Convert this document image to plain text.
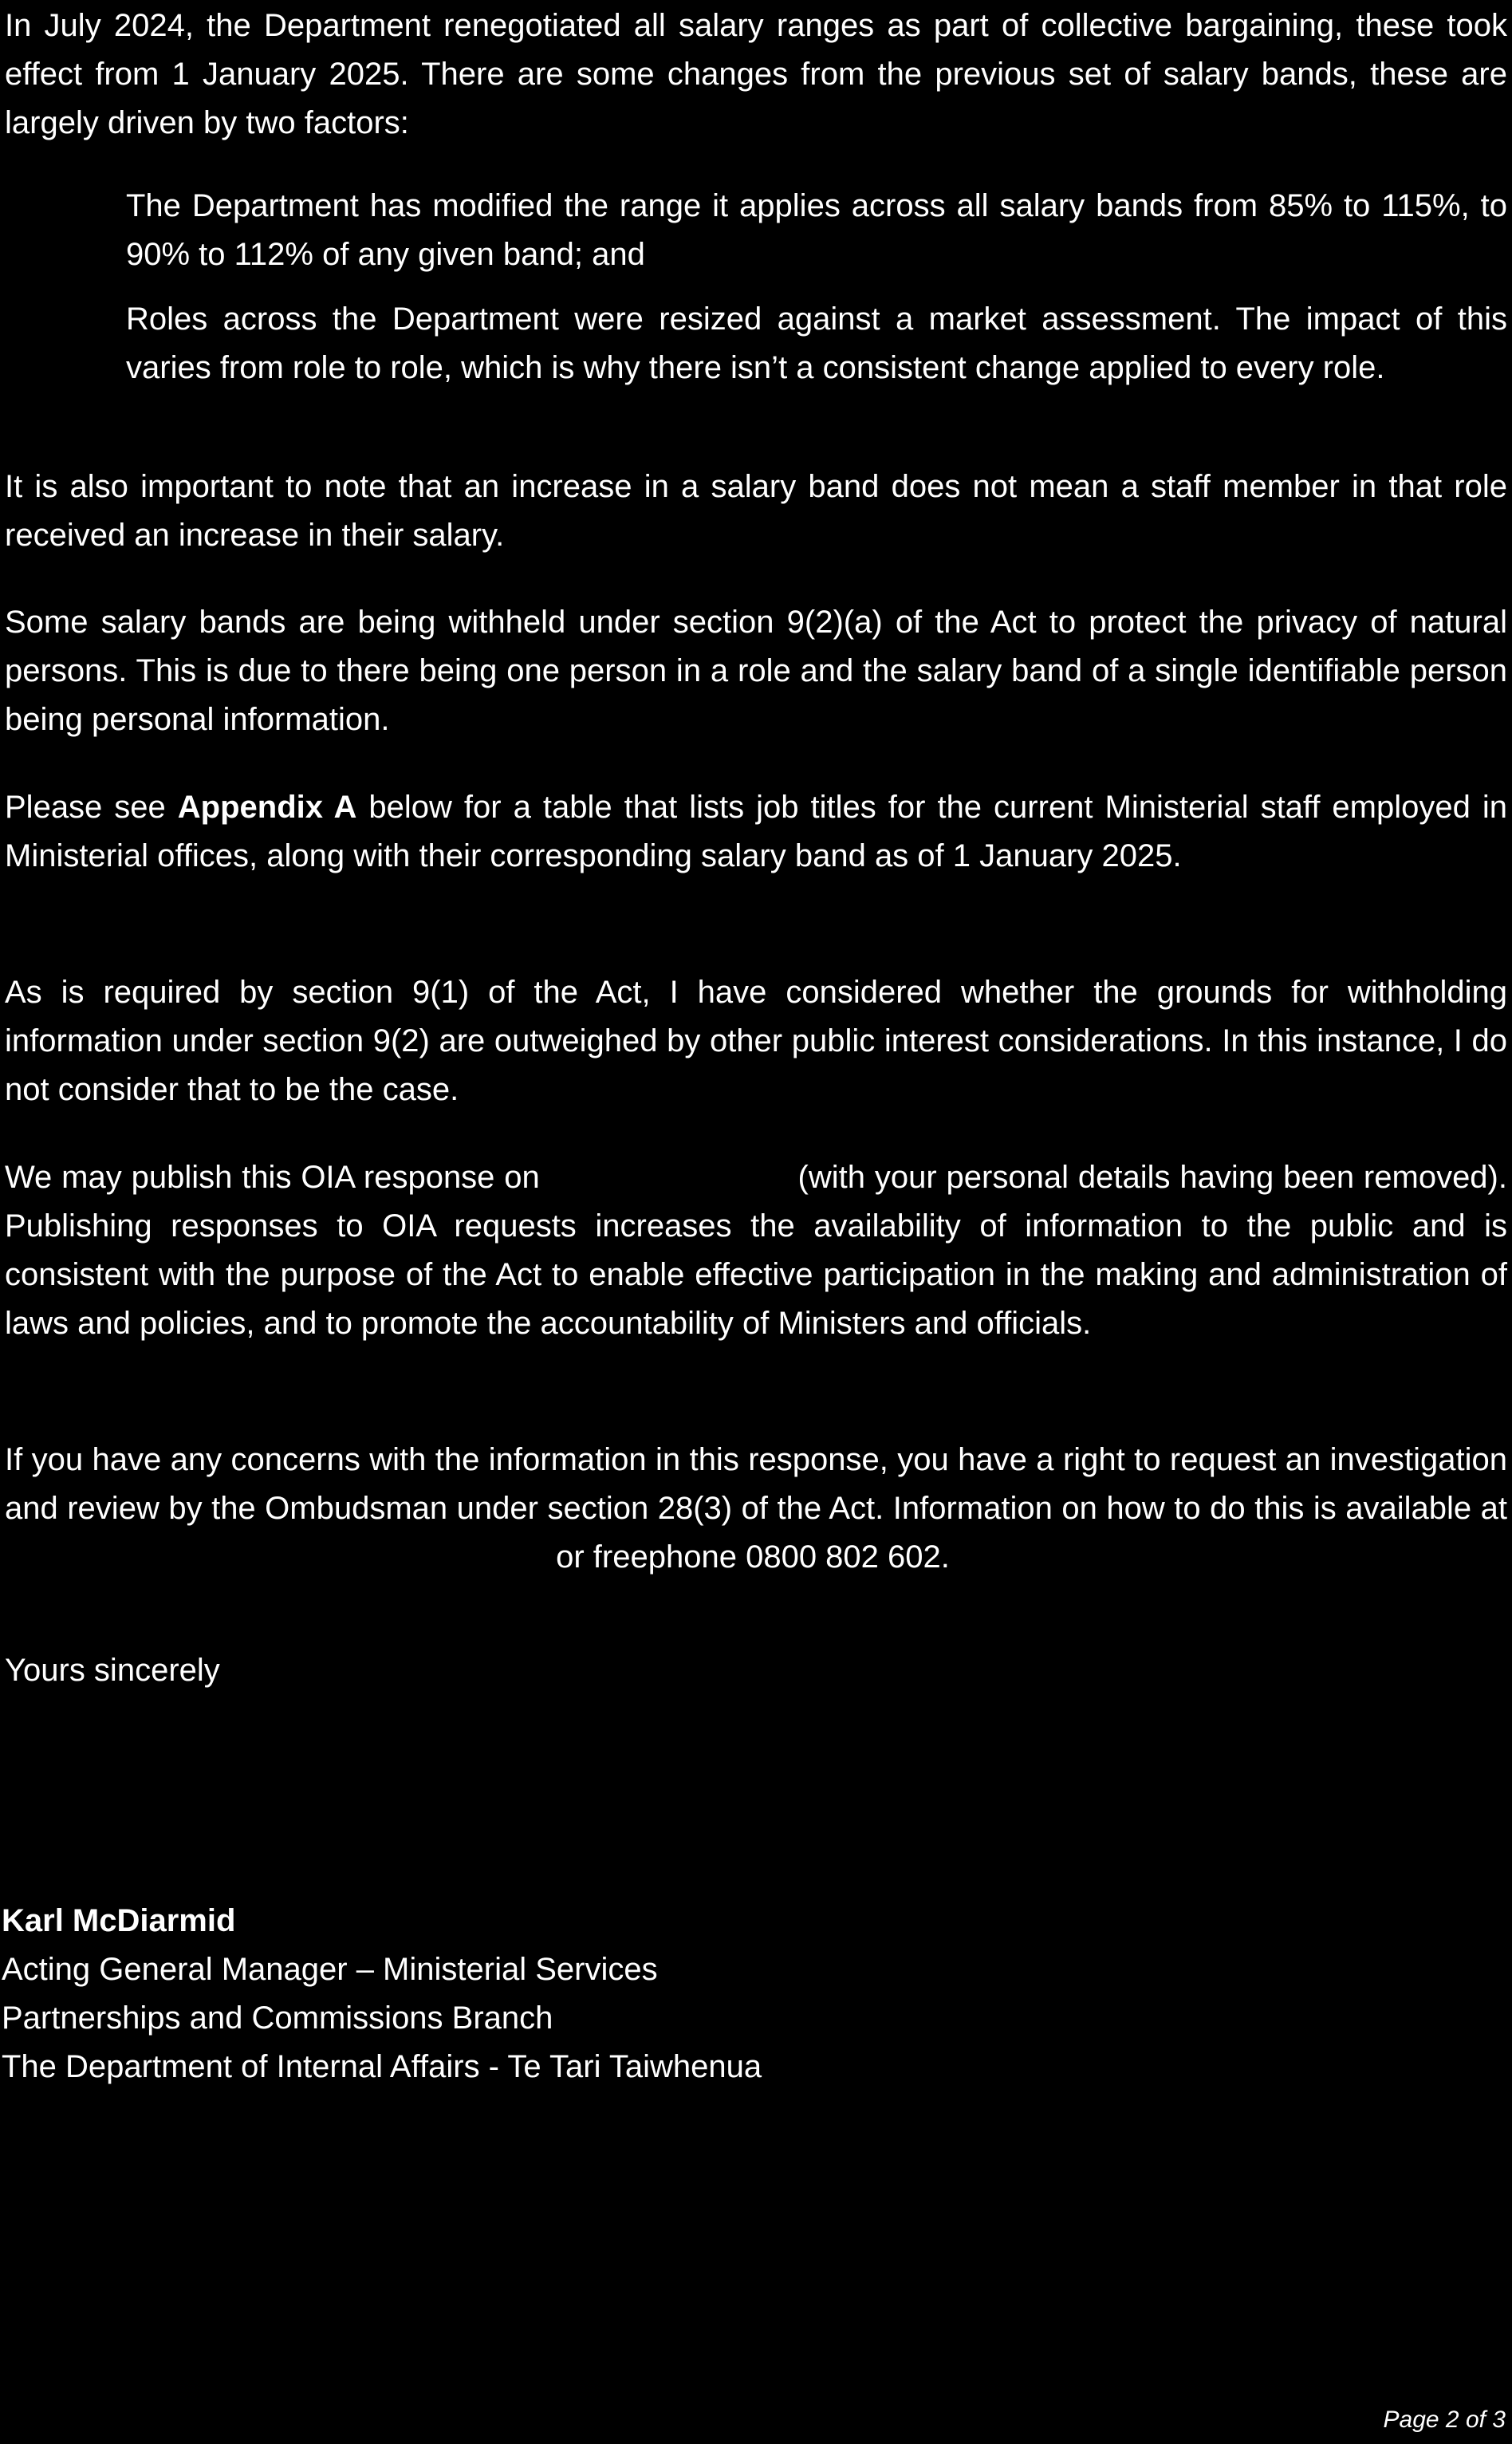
In July 2024, the Department renegotiated all salary ranges as part of collective bargaining, these took effect from 1 January 2025. There are some changes from the previous set of salary bands, these are largely driven by two factors:

The Department has modified the range it applies across all salary bands from 85% to 115%, to 90% to 112% of any given band; and

Roles across the Department were resized against a market assessment. The impact of this varies from role to role, which is why there isn’t a consistent change applied to every role.

It is also important to note that an increase in a salary band does not mean a staff member in that role received an increase in their salary.

Some salary bands are being withheld under section 9(2)(a) of the Act to protect the privacy of natural persons. This is due to there being one person in a role and the salary band of a single identifiable person being personal information.

Please see Appendix A below for a table that lists job titles for the current Ministerial staff employed in Ministerial offices, along with their corresponding salary band as of 1 January 2025.

As is required by section 9(1) of the Act, I have considered whether the grounds for withholding information under section 9(2) are outweighed by other public interest considerations. In this instance, I do not consider that to be the case.

We may publish this OIA response on	(with your personal details having been removed). Publishing responses to OIA requests increases the availability of information to the public and is consistent with the purpose of the Act to enable effective participation in the making and administration of laws and policies, and to promote the accountability of Ministers and officials.

If you have any concerns with the information in this response, you have a right to request an investigation and review by the Ombudsman under section 28(3) of the Act. Information on how to do this is available at  or freephone 0800 802 602.

Yours sincerely

Karl McDiarmid
Acting General Manager – Ministerial Services
Partnerships and Commissions Branch
The Department of Internal Affairs - Te Tari Taiwhenua
Page 2 of 3
